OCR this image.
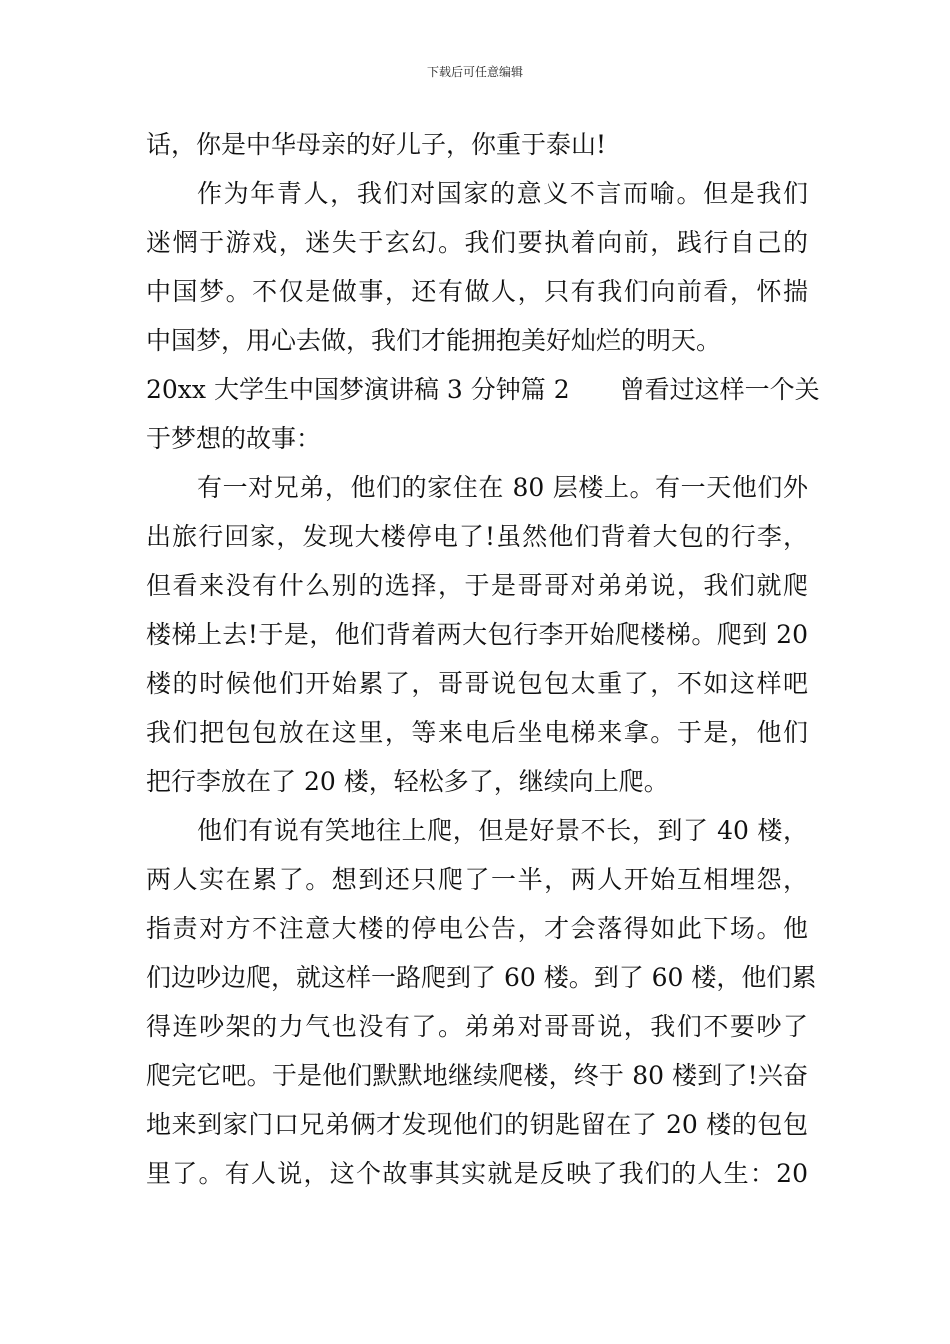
下载后可任意编辑
话，你是中华母亲的好儿子，你重于泰山!
作为年青人，我们对国家的意义不言而喻。但是我们
迷惘于游戏，迷失于玄幻。我们要执着向前，践行自己的
中国梦。不仅是做事，还有做人，只有我们向前看，怀揣
中国梦，用心去做，我们才能拥抱美好灿烂的明天。
20xx 大学生中国梦演讲稿 3 分钟篇 2　　曾看过这样一个关
于梦想的故事：
有一对兄弟，他们的家住在 80 层楼上。有一天他们外
出旅行回家，发现大楼停电了!虽然他们背着大包的行李，
但看来没有什么别的选择，于是哥哥对弟弟说，我们就爬
楼梯上去!于是，他们背着两大包行李开始爬楼梯。爬到 20
楼的时候他们开始累了，哥哥说包包太重了，不如这样吧
我们把包包放在这里，等来电后坐电梯来拿。于是，他们
把行李放在了 20 楼，轻松多了，继续向上爬。
他们有说有笑地往上爬，但是好景不长，到了 40 楼，
两人实在累了。想到还只爬了一半，两人开始互相埋怨，
指责对方不注意大楼的停电公告，才会落得如此下场。他
们边吵边爬，就这样一路爬到了 60 楼。到了 60 楼，他们累
得连吵架的力气也没有了。弟弟对哥哥说，我们不要吵了
爬完它吧。于是他们默默地继续爬楼，终于 80 楼到了!兴奋
地来到家门口兄弟俩才发现他们的钥匙留在了 20 楼的包包
里了。有人说，这个故事其实就是反映了我们的人生：20
